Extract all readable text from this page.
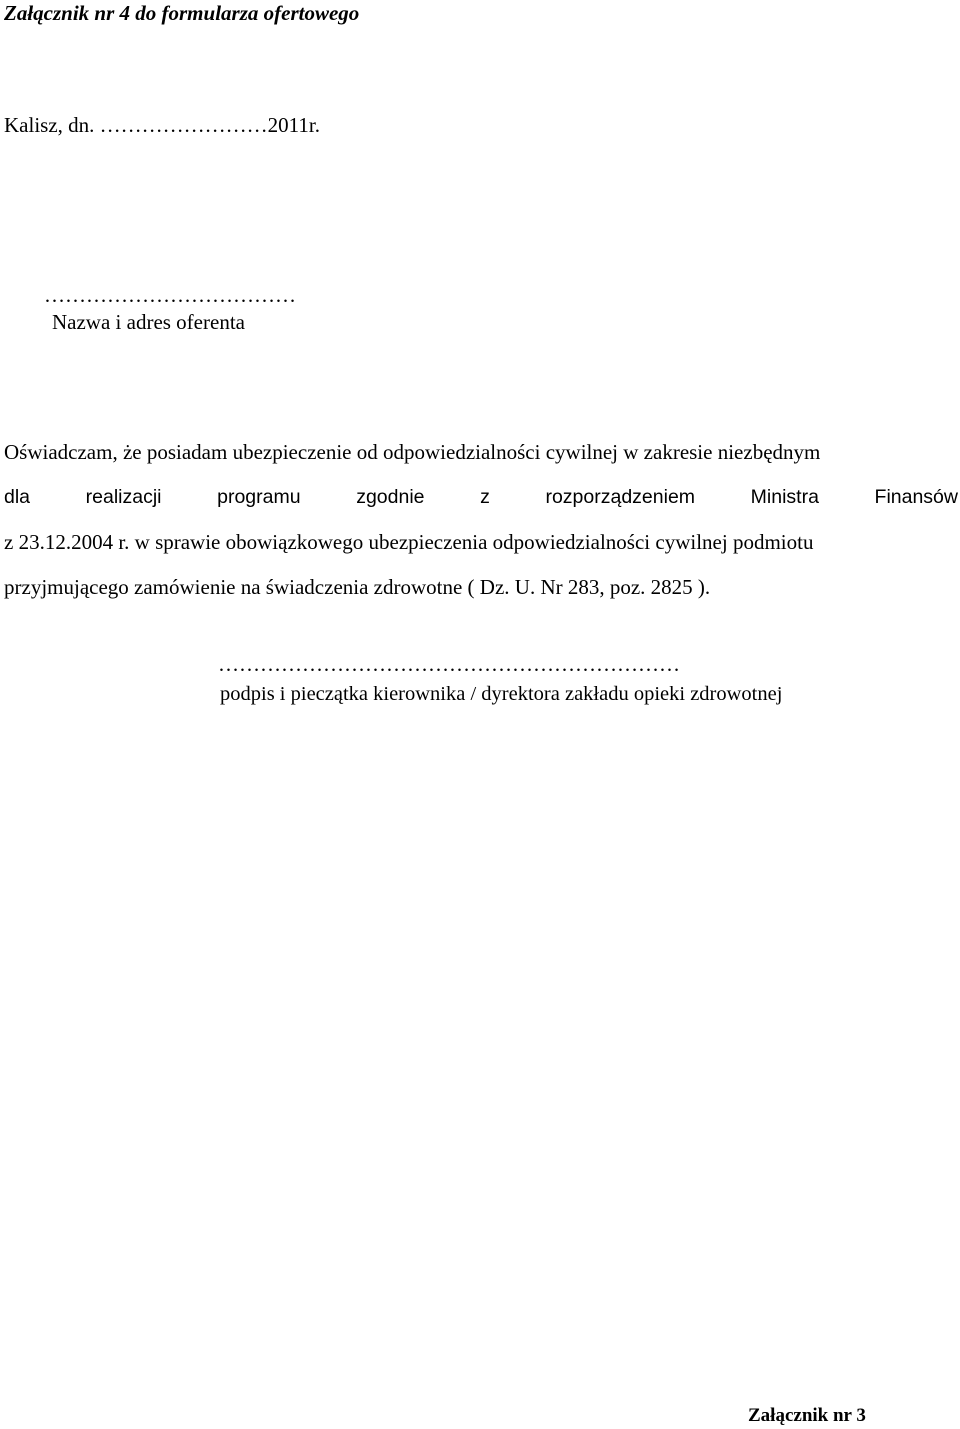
Załącznik nr 4 do formularza ofertowego
Kalisz, dn. ……………………2011r.
………………………………
Nazwa i adres oferenta
Oświadczam, że posiadam ubezpieczenie od odpowiedzialności cywilnej w zakresie niezbędnym
dla	realizacji	programu	zgodnie	z	rozporządzeniem	Ministra	Finansów
z 23.12.2004 r. w sprawie obowiązkowego ubezpieczenia odpowiedzialności cywilnej podmiotu
przyjmującego zamówienie na świadczenia zdrowotne ( Dz. U. Nr 283, poz. 2825 ).
…………………………………………………………
podpis i pieczątka kierownika / dyrektora zakładu opieki zdrowotnej
Załącznik nr 3
